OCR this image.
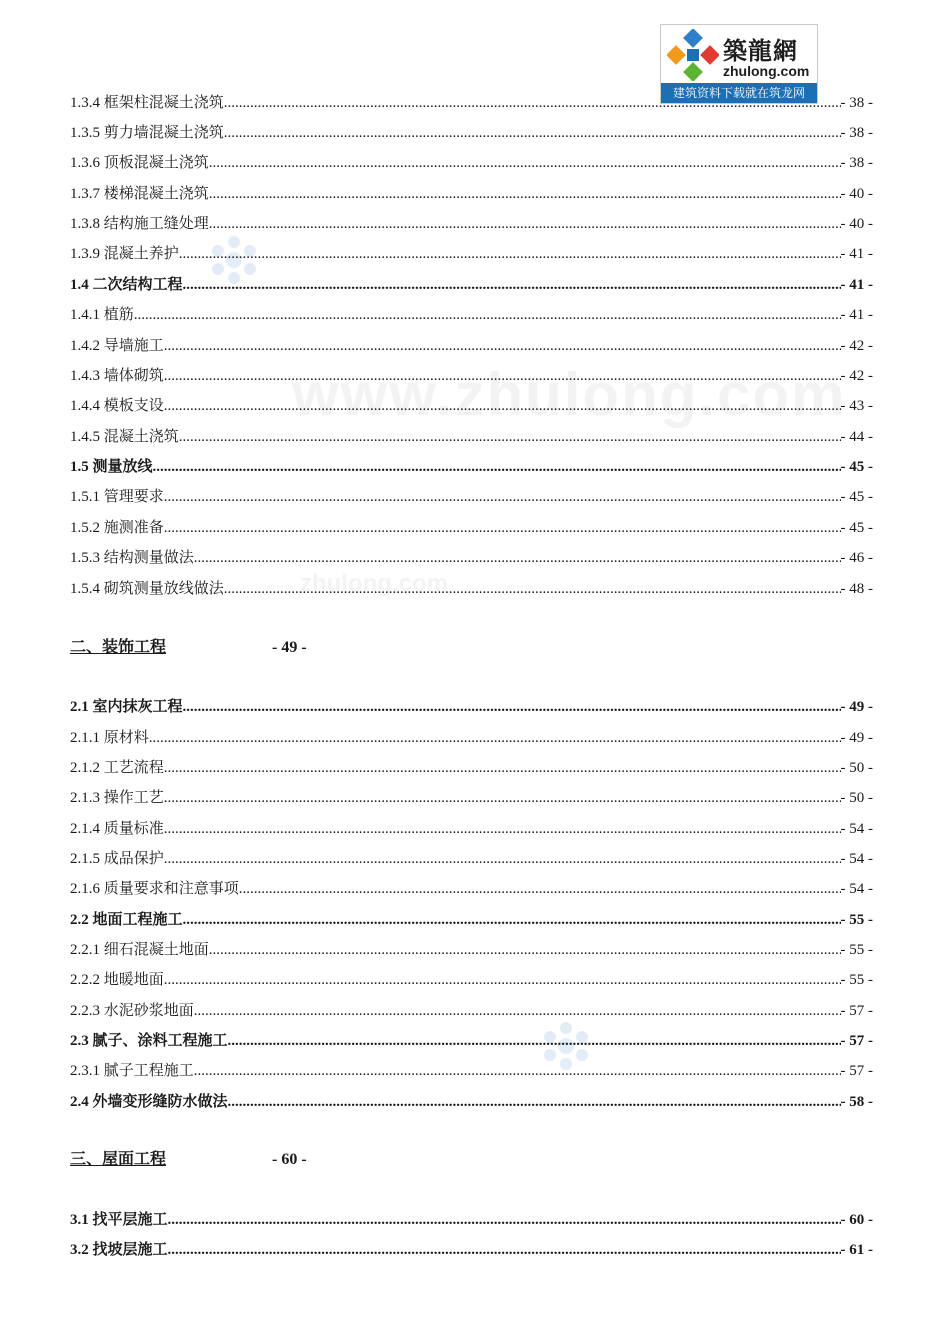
www.zhulong.com
zhulong.com
築龍網
zhulong.com
建筑资料下载就在筑龙网
1.3.4 框架柱混凝土浇筑 .....	- 38 -
1.3.5 剪力墙混凝土浇筑 .....	- 38 -
1.3.6 顶板混凝土浇筑 .....	- 38 -
1.3.7 楼梯混凝土浇筑 .....	- 40 -
1.3.8 结构施工缝处理 .....	- 40 -
1.3.9 混凝土养护 .....	- 41 -
1.4 二次结构工程 .....	- 41 -
1.4.1 植筋 .....	- 41 -
1.4.2 导墙施工 .....	- 42 -
1.4.3 墙体砌筑 .....	- 42 -
1.4.4 模板支设 .....	- 43 -
1.4.5 混凝土浇筑 .....	- 44 -
1.5 测量放线 .....	- 45 -
1.5.1 管理要求 .....	- 45 -
1.5.2 施测准备 .....	- 45 -
1.5.3 结构测量做法 .....	- 46 -
1.5.4 砌筑测量放线做法 .....	- 48 -
二、装饰工程	- 49 -
2.1 室内抹灰工程 .....	- 49 -
2.1.1 原材料 .....	- 49 -
2.1.2 工艺流程 .....	- 50 -
2.1.3 操作工艺 .....	- 50 -
2.1.4 质量标准 .....	- 54 -
2.1.5 成品保护 .....	- 54 -
2.1.6 质量要求和注意事项 .....	- 54 -
2.2 地面工程施工 .....	- 55 -
2.2.1 细石混凝土地面 .....	- 55 -
2.2.2 地暖地面 .....	- 55 -
2.2.3 水泥砂浆地面 .....	- 57 -
2.3 腻子、涂料工程施工 .....	- 57 -
2.3.1 腻子工程施工 .....	- 57 -
2.4 外墙变形缝防水做法 .....	- 58 -
三、屋面工程	- 60 -
3.1 找平层施工 .....	- 60 -
3.2 找坡层施工 .....	- 61 -
